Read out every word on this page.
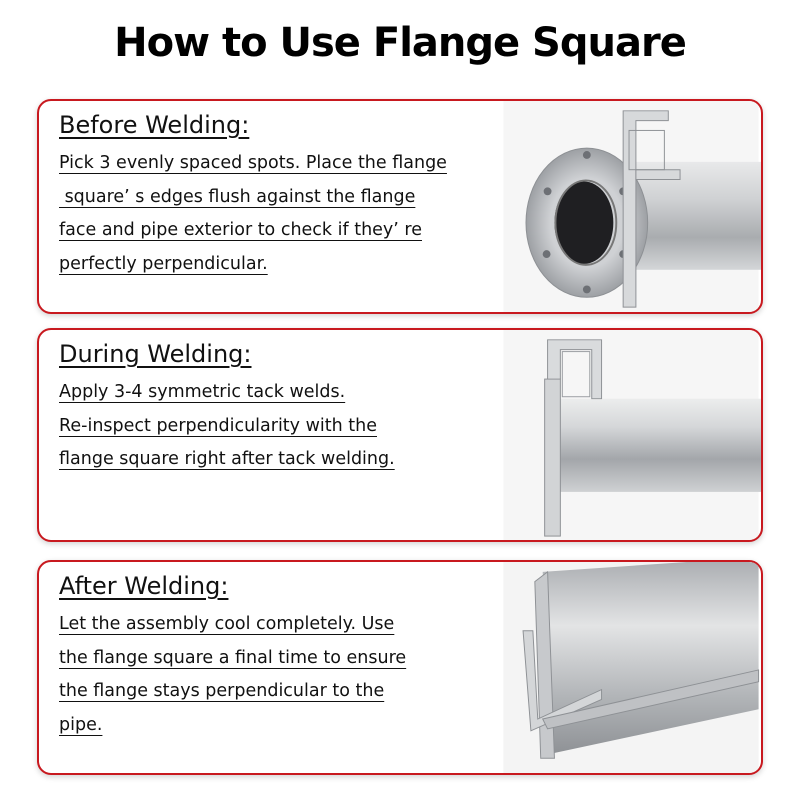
How to Use Flange Square
Before Welding:
Pick 3 evenly spaced spots. Place the flange
square’ s edges flush against the flange
face and pipe exterior to check if they’ re
perfectly perpendicular.
During Welding:
Apply 3-4 symmetric tack welds.
Re-inspect perpendicularity with the
flange square right after tack welding.
After Welding:
Let the assembly cool completely. Use
the flange square a final time to ensure
the flange stays perpendicular to the
pipe.
